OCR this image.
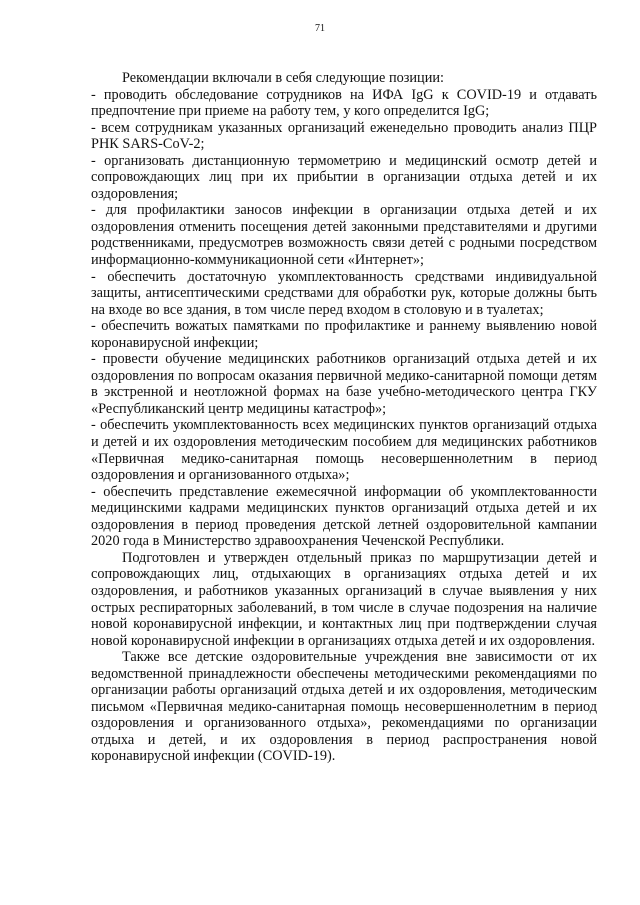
71

Рекомендации включали в себя следующие позиции:

- проводить обследование сотрудников на ИФА IgG к COVID-19 и отдавать предпочтение при приеме на работу тем, у кого определится IgG;

- всем сотрудникам указанных организаций еженедельно проводить анализ ПЦР РНК SARS-CoV-2;

- организовать дистанционную термометрию и медицинский осмотр детей и сопровождающих лиц при их прибытии в организации отдыха детей и их оздоровления;

- для профилактики заносов инфекции в организации отдыха детей и их оздоровления отменить посещения детей законными представителями и другими родственниками, предусмотрев возможность связи детей с родными посредством информационно-коммуникационной сети «Интернет»;

- обеспечить достаточную укомплектованность средствами индивидуальной защиты, антисептическими средствами для обработки рук, которые должны быть на входе во все здания, в том числе перед входом в столовую и в туалетах;

- обеспечить вожатых памятками по профилактике и раннему выявлению новой коронавирусной инфекции;

- провести обучение медицинских работников организаций отдыха детей и их оздоровления по вопросам оказания первичной медико-санитарной помощи детям в экстренной и неотложной формах на базе учебно-методического центра ГКУ «Республиканский центр медицины катастроф»;

- обеспечить укомплектованность всех медицинских пунктов организаций отдыха и детей и их оздоровления методическим пособием для медицинских работников «Первичная медико-санитарная помощь несовершеннолетним в период оздоровления и организованного отдыха»;

- обеспечить представление ежемесячной информации об укомплектованности медицинскими кадрами медицинских пунктов организаций отдыха детей и их оздоровления в период проведения детской летней оздоровительной кампании 2020 года в Министерство здравоохранения Чеченской Республики.

Подготовлен и утвержден отдельный приказ по маршрутизации детей и сопровождающих лиц, отдыхающих в организациях отдыха детей и их оздоровления, и работников указанных организаций в случае выявления у них острых респираторных заболеваний, в том числе в случае подозрения на наличие новой коронавирусной инфекции, и контактных лиц при подтверждении случая новой коронавирусной инфекции в организациях отдыха детей и их оздоровления.

Также все детские оздоровительные учреждения вне зависимости от их ведомственной принадлежности обеспечены методическими рекомендациями по организации работы организаций отдыха детей и их оздоровления, методическим письмом «Первичная медико-санитарная помощь несовершеннолетним в период оздоровления и организованного отдыха», рекомендациями по организации отдыха и детей, и их оздоровления в период распространения новой коронавирусной инфекции (COVID-19).
